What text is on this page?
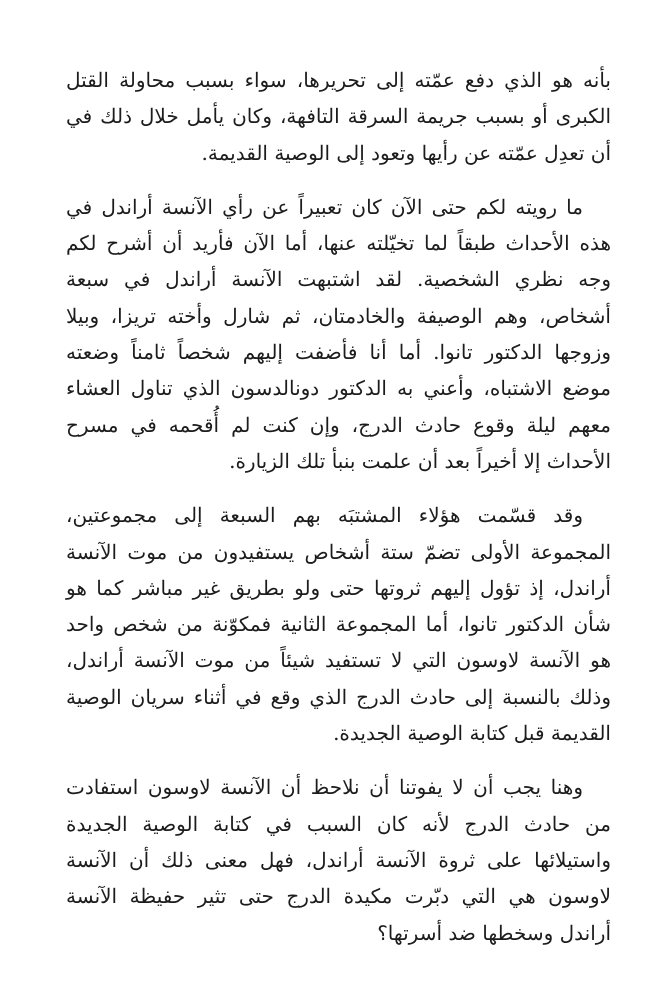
بأنه هو الذي دفع عمّته إلى تحريرها، سواء بسبب محاولة القتل الكبرى أو بسبب جريمة السرقة التافهة، وكان يأمل خلال ذلك في أن تعدِل عمّته عن رأيها وتعود إلى الوصية القديمة.

ما رويته لكم حتى الآن كان تعبيراً عن رأي الآنسة أراندل في هذه الأحداث طبقاً لما تخيّلته عنها، أما الآن فأريد أن أشرح لكم وجه نظري الشخصية. لقد اشتبهت الآنسة أراندل في سبعة أشخاص، وهم الوصيفة والخادمتان، ثم شارل وأخته تريزا، وبيلا وزوجها الدكتور تانوا. أما أنا فأضفت إليهم شخصاً ثامناً وضعته موضع الاشتباه، وأعني به الدكتور دونالدسون الذي تناول العشاء معهم ليلة وقوع حادث الدرج، وإن كنت لم أُقحمه في مسرح الأحداث إلا أخيراً بعد أن علمت بنبأ تلك الزيارة.

وقد قسّمت هؤلاء المشتبَه بهم السبعة إلى مجموعتين، المجموعة الأولى تضمّ ستة أشخاص يستفيدون من موت الآنسة أراندل، إذ تؤول إليهم ثروتها حتى ولو بطريق غير مباشر كما هو شأن الدكتور تانوا، أما المجموعة الثانية فمكوّنة من شخص واحد هو الآنسة لاوسون التي لا تستفيد شيئاً من موت الآنسة أراندل، وذلك بالنسبة إلى حادث الدرج الذي وقع في أثناء سريان الوصية القديمة قبل كتابة الوصية الجديدة.

وهنا يجب أن لا يفوتنا أن نلاحظ أن الآنسة لاوسون استفادت من حادث الدرج لأنه كان السبب في كتابة الوصية الجديدة واستيلائها على ثروة الآنسة أراندل، فهل معنى ذلك أن الآنسة لاوسون هي التي دبّرت مكيدة الدرج حتى تثير حفيظة الآنسة أراندل وسخطها ضد أسرتها؟
